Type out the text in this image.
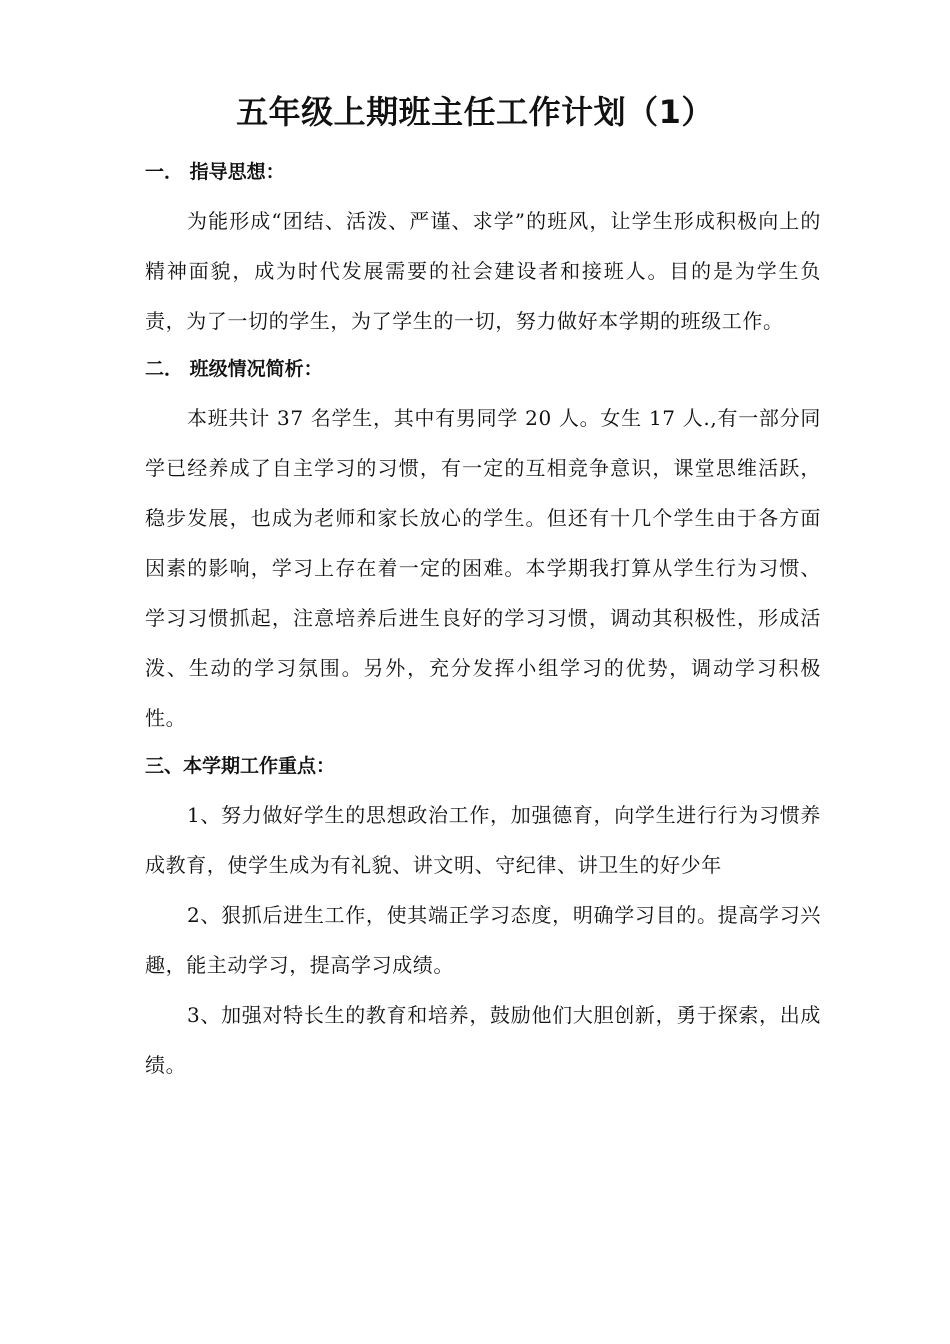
五年级上期班主任工作计划（1）
一． 指导思想：

为能形成“团结、活泼、严谨、求学”的班风，让学生形成积极向上的精神面貌，成为时代发展需要的社会建设者和接班人。目的是为学生负责，为了一切的学生，为了学生的一切，努力做好本学期的班级工作。

二． 班级情况简析：

本班共计 37 名学生，其中有男同学 20 人。女生 17 人.,有一部分同学已经养成了自主学习的习惯，有一定的互相竞争意识，课堂思维活跃，稳步发展，也成为老师和家长放心的学生。但还有十几个学生由于各方面因素的影响，学习上存在着一定的困难。本学期我打算从学生行为习惯、学习习惯抓起，注意培养后进生良好的学习习惯，调动其积极性，形成活泼、生动的学习氛围。另外，充分发挥小组学习的优势，调动学习积极性。

三、本学期工作重点：

1、努力做好学生的思想政治工作，加强德育，向学生进行行为习惯养成教育，使学生成为有礼貌、讲文明、守纪律、讲卫生的好少年

2、狠抓后进生工作，使其端正学习态度，明确学习目的。提高学习兴趣，能主动学习，提高学习成绩。

3、加强对特长生的教育和培养，鼓励他们大胆创新，勇于探索，出成绩。
